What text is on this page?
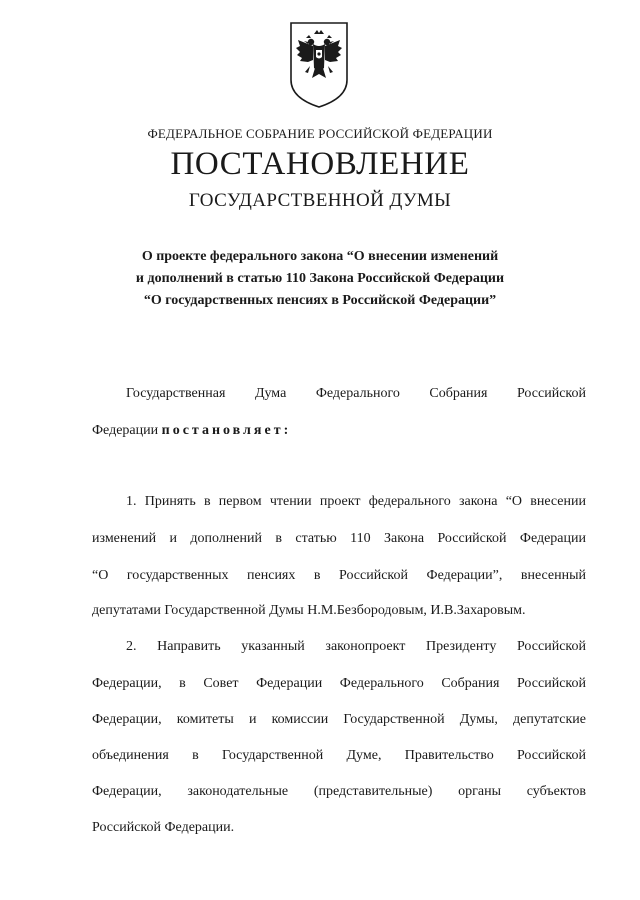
ФЕДЕРАЛЬНОЕ СОБРАНИЕ РОССИЙСКОЙ ФЕДЕРАЦИИ
ПОСТАНОВЛЕНИЕ
ГОСУДАРСТВЕННОЙ ДУМЫ
О проекте федерального закона “О внесении изменений
и дополнений в статью 110 Закона Российской Федерации
“О государственных пенсиях в Российской Федерации”
Государственная Дума Федерального Собрания Российской
Федерации постановляет:
1. Принять в первом чтении проект федерального закона “О внесении
изменений и дополнений в статью 110 Закона Российской Федерации
“О государственных пенсиях в Российской Федерации”, внесенный
депутатами Государственной Думы Н.М.Безбородовым, И.В.Захаровым.
2. Направить указанный законопроект Президенту Российской
Федерации, в Совет Федерации Федерального Собрания Российской
Федерации, комитеты и комиссии Государственной Думы, депутатские
объединения в Государственной Думе, Правительство Российской
Федерации, законодательные (представительные) органы субъектов
Российской Федерации.
